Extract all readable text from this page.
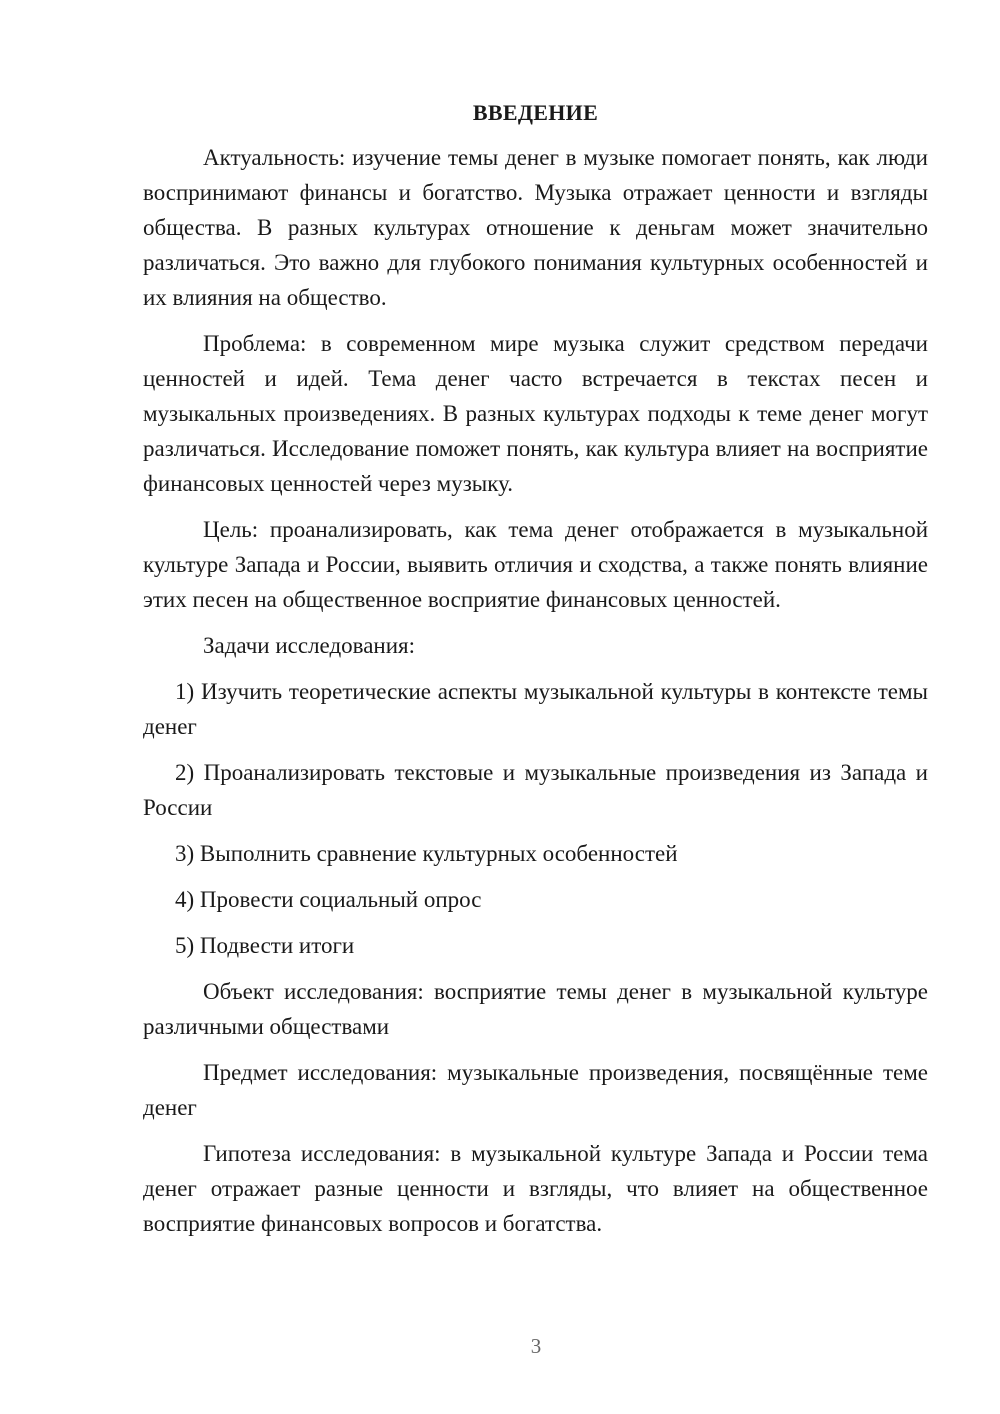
ВВЕДЕНИЕ

Актуальность: изучение темы денег в музыке помогает понять, как люди воспринимают финансы и богатство. Музыка отражает ценности и взгляды общества. В разных культурах отношение к деньгам может значительно различаться. Это важно для глубокого понимания культурных особенностей и их влияния на общество.

Проблема: в современном мире музыка служит средством передачи ценностей и идей. Тема денег часто встречается в текстах песен и музыкальных произведениях. В разных культурах подходы к теме денег могут различаться. Исследование поможет понять, как культура влияет на восприятие финансовых ценностей через музыку.

Цель: проанализировать, как тема денег отображается в музыкальной культуре Запада и России, выявить отличия и сходства, а также понять влияние этих песен на общественное восприятие финансовых ценностей.

Задачи исследования:

1) Изучить теоретические аспекты музыкальной культуры в контексте темы денег

2) Проанализировать текстовые и музыкальные произведения из Запада и России

3) Выполнить сравнение культурных особенностей

4) Провести социальный опрос

5) Подвести итоги

Объект исследования: восприятие темы денег в музыкальной культуре различными обществами

Предмет исследования: музыкальные произведения, посвящённые теме денег

Гипотеза исследования: в музыкальной культуре Запада и России тема денег отражает разные ценности и взгляды, что влияет на общественное восприятие финансовых вопросов и богатства.

3
